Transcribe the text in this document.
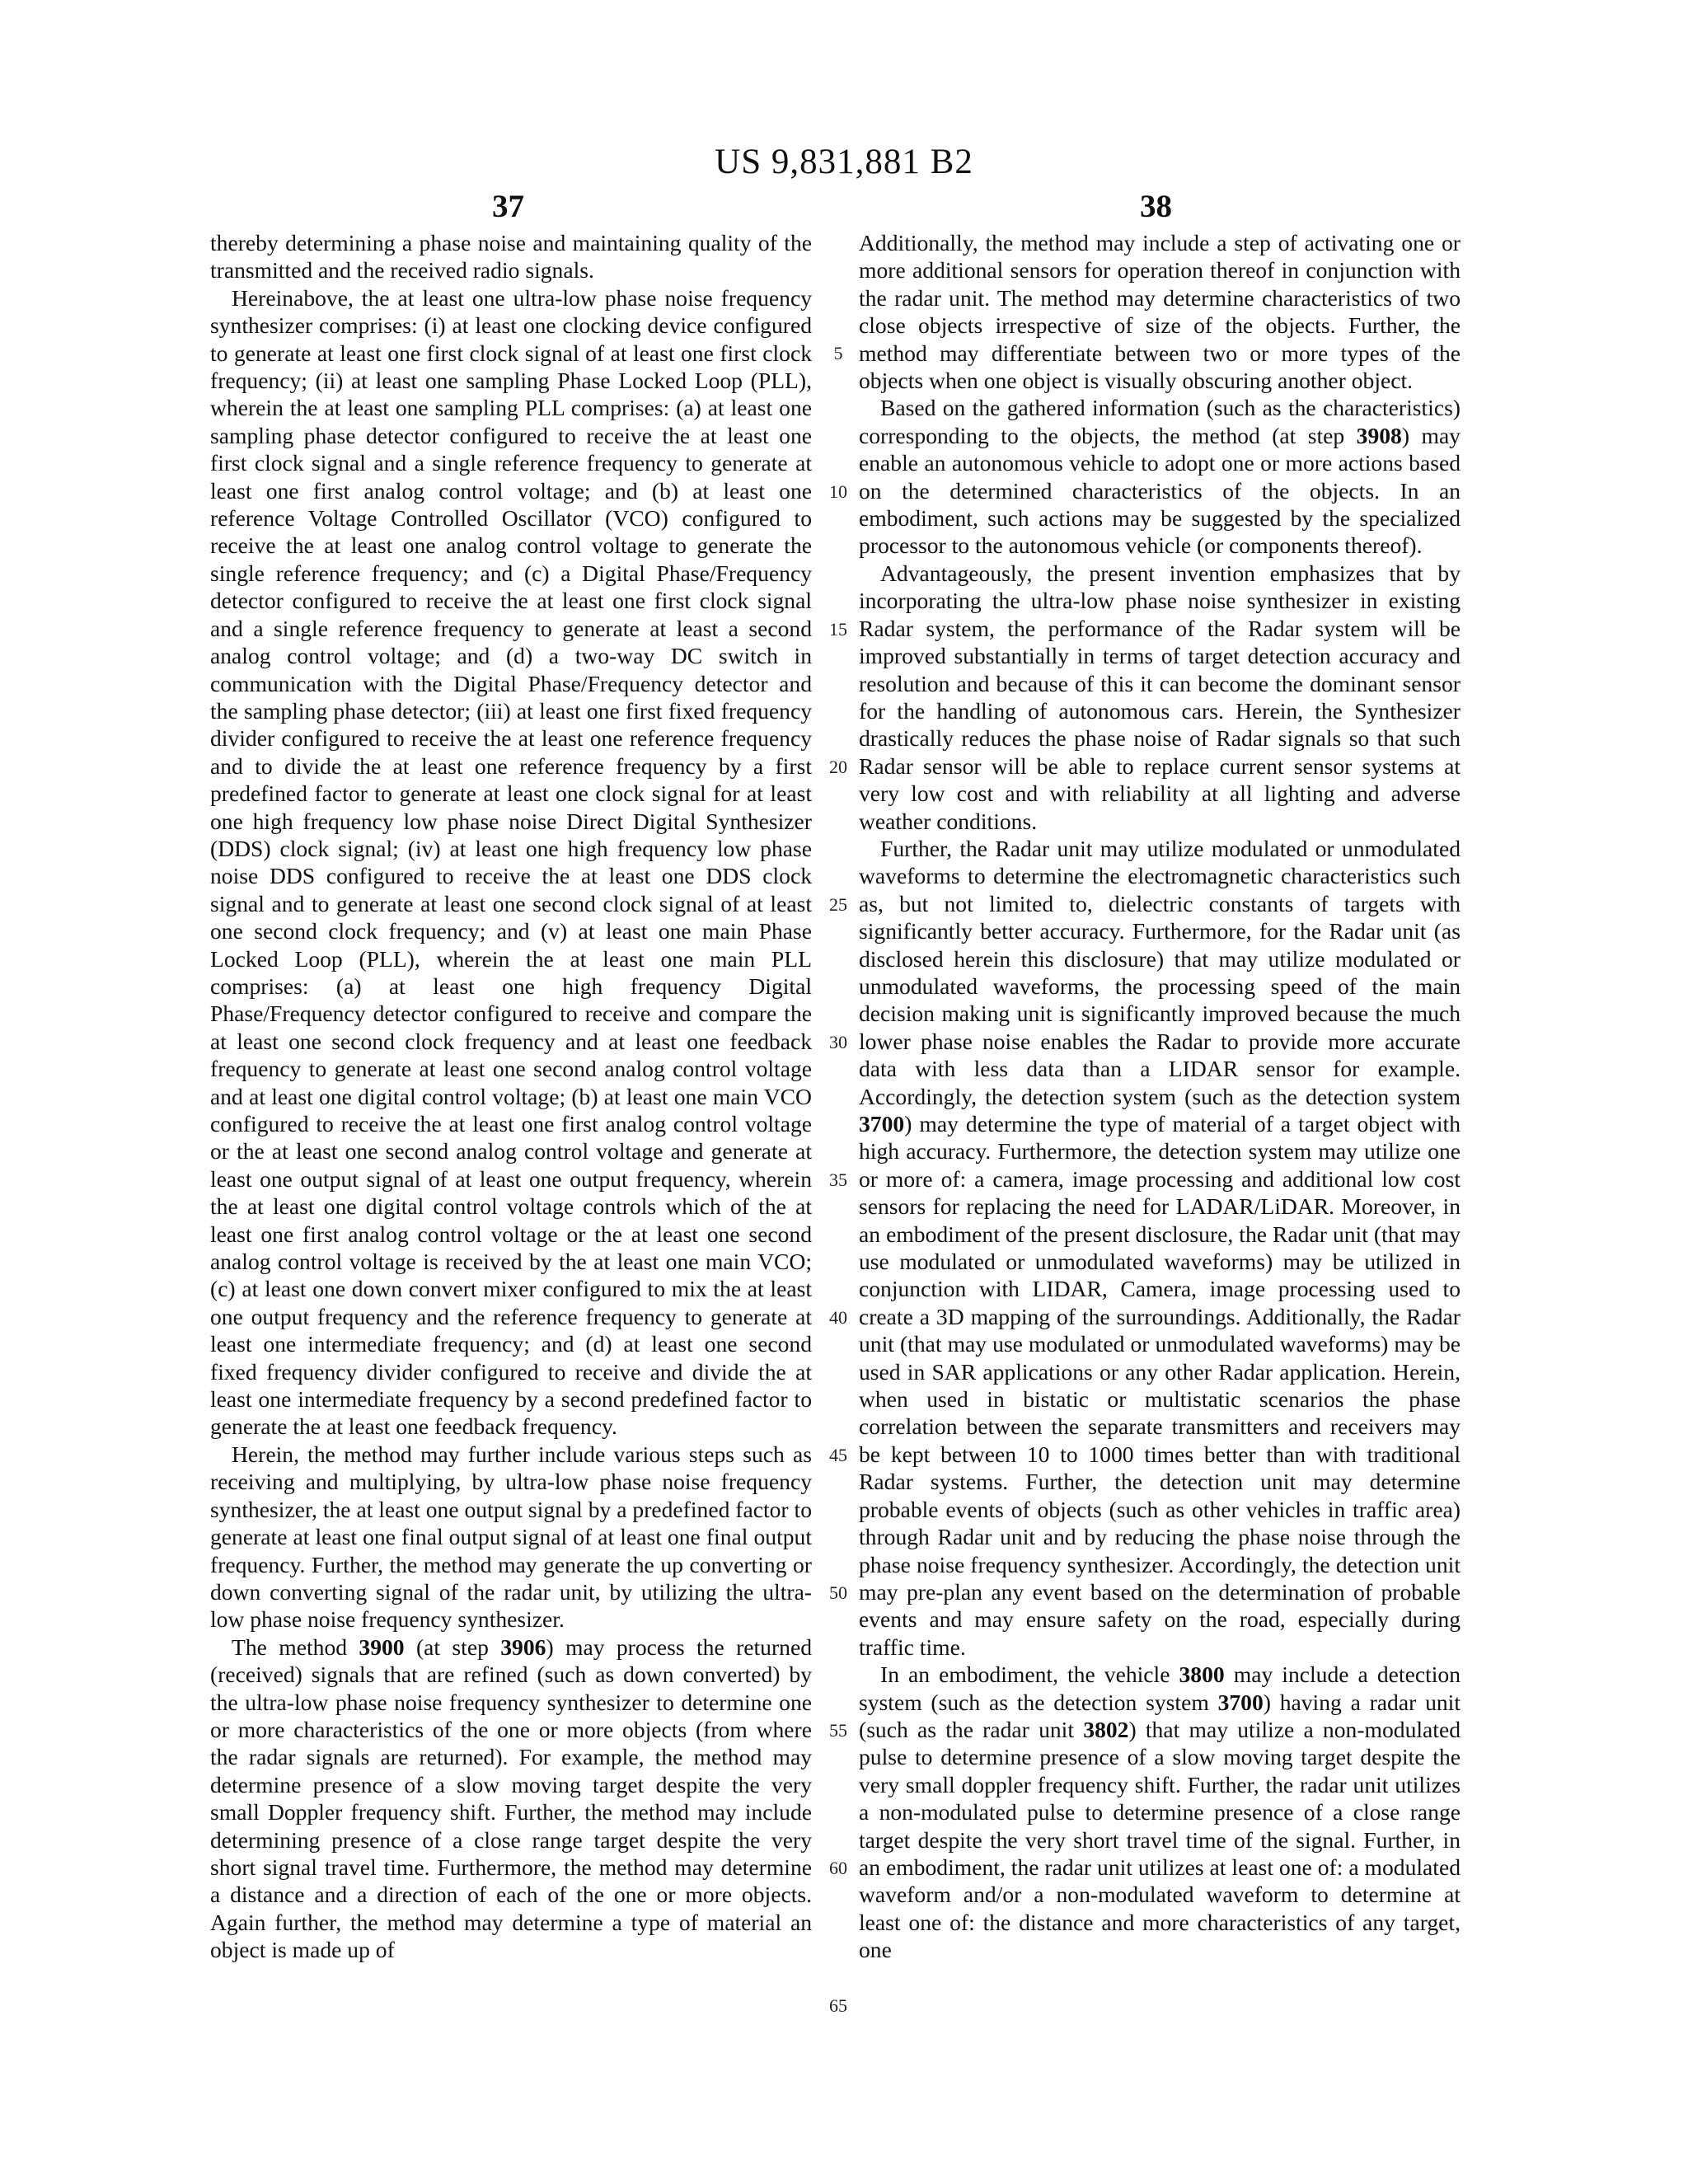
US 9,831,881 B2
37	38

thereby determining a phase noise and maintaining quality of the transmitted and the received radio signals.

Hereinabove, the at least one ultra-low phase noise frequency synthesizer comprises: (i) at least one clocking device configured to generate at least one first clock signal of at least one first clock frequency; (ii) at least one sampling Phase Locked Loop (PLL), wherein the at least one sampling PLL comprises: (a) at least one sampling phase detector configured to receive the at least one first clock signal and a single reference frequency to generate at least one first analog control voltage; and (b) at least one reference Voltage Controlled Oscillator (VCO) configured to receive the at least one analog control voltage to generate the single reference frequency; and (c) a Digital Phase/Frequency detector configured to receive the at least one first clock signal and a single reference frequency to generate at least a second analog control voltage; and (d) a two-way DC switch in communication with the Digital Phase/Frequency detector and the sampling phase detector; (iii) at least one first fixed frequency divider configured to receive the at least one reference frequency and to divide the at least one reference frequency by a first predefined factor to generate at least one clock signal for at least one high frequency low phase noise Direct Digital Synthesizer (DDS) clock signal; (iv) at least one high frequency low phase noise DDS configured to receive the at least one DDS clock signal and to generate at least one second clock signal of at least one second clock frequency; and (v) at least one main Phase Locked Loop (PLL), wherein the at least one main PLL comprises: (a) at least one high frequency Digital Phase/Frequency detector configured to receive and compare the at least one second clock frequency and at least one feedback frequency to generate at least one second analog control voltage and at least one digital control voltage; (b) at least one main VCO configured to receive the at least one first analog control voltage or the at least one second analog control voltage and generate at least one output signal of at least one output frequency, wherein the at least one digital control voltage controls which of the at least one first analog control voltage or the at least one second analog control voltage is received by the at least one main VCO; (c) at least one down convert mixer configured to mix the at least one output frequency and the reference frequency to generate at least one intermediate frequency; and (d) at least one second fixed frequency divider configured to receive and divide the at least one intermediate frequency by a second predefined factor to generate the at least one feedback frequency.

Herein, the method may further include various steps such as receiving and multiplying, by ultra-low phase noise frequency synthesizer, the at least one output signal by a predefined factor to generate at least one final output signal of at least one final output frequency. Further, the method may generate the up converting or down converting signal of the radar unit, by utilizing the ultra-low phase noise frequency synthesizer.

The method 3900 (at step 3906) may process the returned (received) signals that are refined (such as down converted) by the ultra-low phase noise frequency synthesizer to determine one or more characteristics of the one or more objects (from where the radar signals are returned). For example, the method may determine presence of a slow moving target despite the very small Doppler frequency shift. Further, the method may include determining presence of a close range target despite the very short signal travel time. Furthermore, the method may determine a distance and a direction of each of the one or more objects. Again further, the method may determine a type of material an object is made up of

Additionally, the method may include a step of activating one or more additional sensors for operation thereof in conjunction with the radar unit. The method may determine characteristics of two close objects irrespective of size of the objects. Further, the method may differentiate between two or more types of the objects when one object is visually obscuring another object.

Based on the gathered information (such as the characteristics) corresponding to the objects, the method (at step 3908) may enable an autonomous vehicle to adopt one or more actions based on the determined characteristics of the objects. In an embodiment, such actions may be suggested by the specialized processor to the autonomous vehicle (or components thereof).

Advantageously, the present invention emphasizes that by incorporating the ultra-low phase noise synthesizer in existing Radar system, the performance of the Radar system will be improved substantially in terms of target detection accuracy and resolution and because of this it can become the dominant sensor for the handling of autonomous cars. Herein, the Synthesizer drastically reduces the phase noise of Radar signals so that such Radar sensor will be able to replace current sensor systems at very low cost and with reliability at all lighting and adverse weather conditions.

Further, the Radar unit may utilize modulated or unmodulated waveforms to determine the electromagnetic characteristics such as, but not limited to, dielectric constants of targets with significantly better accuracy. Furthermore, for the Radar unit (as disclosed herein this disclosure) that may utilize modulated or unmodulated waveforms, the processing speed of the main decision making unit is significantly improved because the much lower phase noise enables the Radar to provide more accurate data with less data than a LIDAR sensor for example. Accordingly, the detection system (such as the detection system 3700) may determine the type of material of a target object with high accuracy. Furthermore, the detection system may utilize one or more of: a camera, image processing and additional low cost sensors for replacing the need for LADAR/LiDAR. Moreover, in an embodiment of the present disclosure, the Radar unit (that may use modulated or unmodulated waveforms) may be utilized in conjunction with LIDAR, Camera, image processing used to create a 3D mapping of the surroundings. Additionally, the Radar unit (that may use modulated or unmodulated waveforms) may be used in SAR applications or any other Radar application. Herein, when used in bistatic or multistatic scenarios the phase correlation between the separate transmitters and receivers may be kept between 10 to 1000 times better than with traditional Radar systems. Further, the detection unit may determine probable events of objects (such as other vehicles in traffic area) through Radar unit and by reducing the phase noise through the phase noise frequency synthesizer. Accordingly, the detection unit may pre-plan any event based on the determination of probable events and may ensure safety on the road, especially during traffic time.

In an embodiment, the vehicle 3800 may include a detection system (such as the detection system 3700) having a radar unit (such as the radar unit 3802) that may utilize a non-modulated pulse to determine presence of a slow moving target despite the very small doppler frequency shift. Further, the radar unit utilizes a non-modulated pulse to determine presence of a close range target despite the very short travel time of the signal. Further, in an embodiment, the radar unit utilizes at least one of: a modulated waveform and/or a non-modulated waveform to determine at least one of: the distance and more characteristics of any target, one

5
10
15
20
25
30
35
40
45
50
55
60
65
